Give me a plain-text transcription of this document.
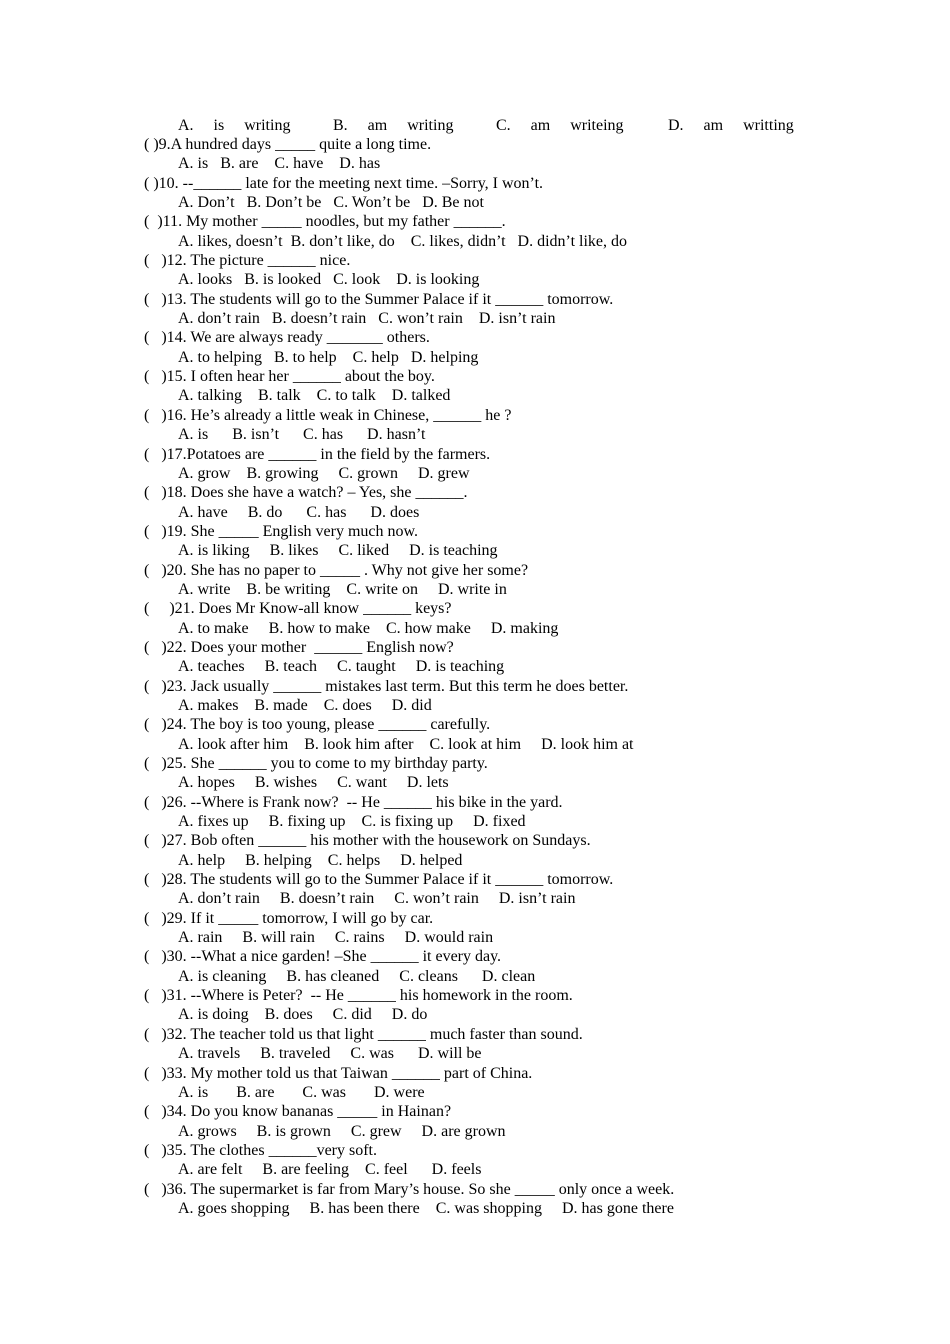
A. is writing	B. am writing	C. am writeing	D. am writting
( )9.A hundred days _____ quite a long time.
A. is   B. are    C. have    D. has
( )10. --______ late for the meeting next time. –Sorry, I won’t.
A. Don’t   B. Don’t be   C. Won’t be   D. Be not
(  )11. My mother _____ noodles, but my father ______.
A. likes, doesn’t  B. don’t like, do    C. likes, didn’t   D. didn’t like, do
(   )12. The picture ______ nice.
A. looks   B. is looked   C. look    D. is looking
(   )13. The students will go to the Summer Palace if it ______ tomorrow.
A. don’t rain   B. doesn’t rain   C. won’t rain    D. isn’t rain
(   )14. We are always ready _______ others.
A. to helping   B. to help    C. help   D. helping
(   )15. I often hear her ______ about the boy.
A. talking    B. talk    C. to talk    D. talked
(   )16. He’s already a little weak in Chinese, ______ he ?
A. is      B. isn’t      C. has      D. hasn’t
(   )17.Potatoes are ______ in the field by the farmers.
A. grow    B. growing     C. grown     D. grew
(   )18. Does she have a watch? – Yes, she ______.
A. have     B. do      C. has      D. does
(   )19. She _____ English very much now.
A. is liking     B. likes     C. liked     D. is teaching
(   )20. She has no paper to _____ . Why not give her some?
A. write    B. be writing    C. write on     D. write in
(     )21. Does Mr Know-all know ______ keys?
A. to make     B. how to make    C. how make     D. making
(   )22. Does your mother  ______ English now?
A. teaches     B. teach     C. taught     D. is teaching
(   )23. Jack usually ______ mistakes last term. But this term he does better.
A. makes    B. made    C. does     D. did
(   )24. The boy is too young, please ______ carefully.
A. look after him    B. look him after    C. look at him     D. look him at
(   )25. She ______ you to come to my birthday party.
A. hopes     B. wishes     C. want     D. lets
(   )26. --Where is Frank now?  -- He ______ his bike in the yard.
A. fixes up     B. fixing up    C. is fixing up     D. fixed
(   )27. Bob often ______ his mother with the housework on Sundays.
A. help     B. helping    C. helps     D. helped
(   )28. The students will go to the Summer Palace if it ______ tomorrow.
A. don’t rain     B. doesn’t rain     C. won’t rain     D. isn’t rain
(   )29. If it _____ tomorrow, I will go by car.
A. rain     B. will rain     C. rains     D. would rain
(   )30. --What a nice garden! –She ______ it every day.
A. is cleaning     B. has cleaned     C. cleans      D. clean
(   )31. --Where is Peter?  -- He ______ his homework in the room.
A. is doing    B. does     C. did     D. do
(   )32. The teacher told us that light ______ much faster than sound.
A. travels     B. traveled     C. was      D. will be
(   )33. My mother told us that Taiwan ______ part of China.
A. is       B. are       C. was       D. were
(   )34. Do you know bananas _____ in Hainan?
A. grows     B. is grown     C. grew     D. are grown
(   )35. The clothes ______very soft.
A. are felt     B. are feeling    C. feel      D. feels
(   )36. The supermarket is far from Mary’s house. So she _____ only once a week.
A. goes shopping     B. has been there    C. was shopping     D. has gone there
